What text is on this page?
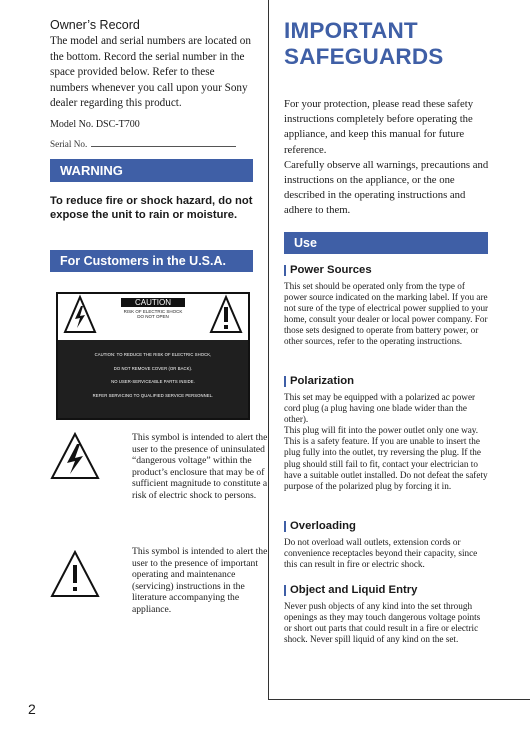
Owner’s Record

The model and serial numbers are located on the bottom. Record the serial number in the space provided below. Refer to these numbers whenever you call upon your Sony dealer regarding this product.

Model No. DSC-T700
Serial No.
WARNING
To reduce fire or shock hazard, do not expose the unit to rain or moisture.
For Customers in the U.S.A.
CAUTION
RISK OF ELECTRIC SHOCK
DO NOT OPEN
CAUTION: TO REDUCE THE RISK OF ELECTRIC SHOCK,
DO NOT REMOVE COVER (OR BACK).
NO USER-SERVICEABLE PARTS INSIDE.
REFER SERVICING TO QUALIFIED SERVICE PERSONNEL.
This symbol is intended to alert the user to the presence of uninsulated “dangerous voltage” within the product’s enclosure that may be of sufficient magnitude to constitute a risk of electric shock to persons.
This symbol is intended to alert the user to the presence of important operating and maintenance (servicing) instructions in the literature accompanying the appliance.
2
IMPORTANT
SAFEGUARDS

For your protection, please read these safety instructions completely before operating the appliance, and keep this manual for future reference.

Carefully observe all warnings, precautions and instructions on the appliance, or the one described in the operating instructions and adhere to them.

Use
Power Sources

This set should be operated only from the type of power source indicated on the marking label. If you are not sure of the type of electrical power supplied to your home, consult your dealer or local power company. For those sets designed to operate from battery power, or other sources, refer to the operating instructions.

Polarization

This set may be equipped with a polarized ac power cord plug (a plug having one blade wider than the other).

This plug will fit into the power outlet only one way. This is a safety feature. If you are unable to insert the plug fully into the outlet, try reversing the plug. If the plug should still fail to fit, contact your electrician to have a suitable outlet installed. Do not defeat the safety purpose of the polarized plug by forcing it in.

Overloading

Do not overload wall outlets, extension cords or convenience receptacles beyond their capacity, since this can result in fire or electric shock.

Object and Liquid Entry

Never push objects of any kind into the set through openings as they may touch dangerous voltage points or short out parts that could result in a fire or electric shock. Never spill liquid of any kind on the set.
